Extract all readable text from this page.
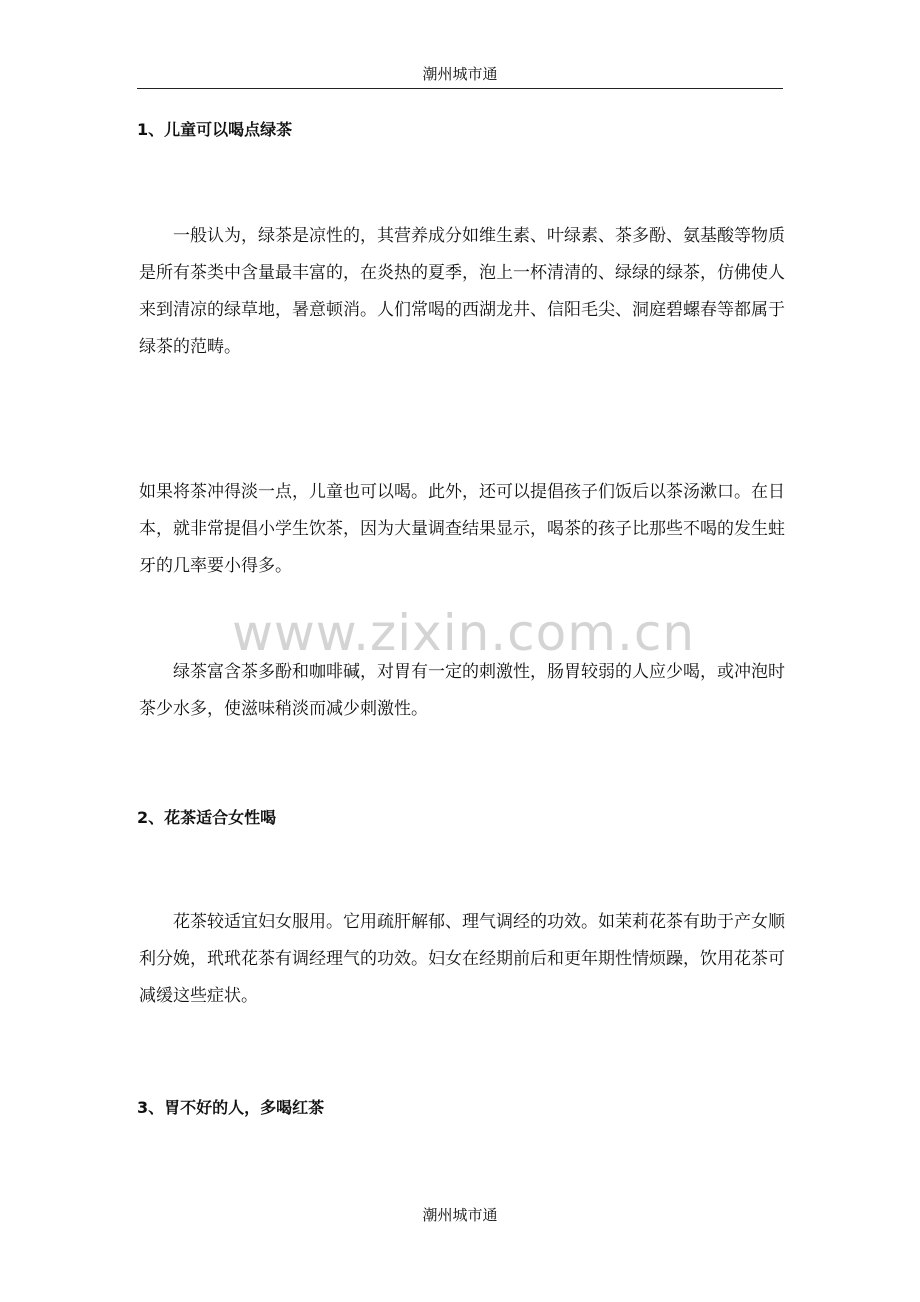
潮州城市通
1、儿童可以喝点绿茶
一般认为，绿茶是凉性的，其营养成分如维生素、叶绿素、茶多酚、氨基酸等物质是所有茶类中含量最丰富的，在炎热的夏季，泡上一杯清清的、绿绿的绿茶，仿佛使人来到清凉的绿草地，暑意顿消。人们常喝的西湖龙井、信阳毛尖、洞庭碧螺春等都属于绿茶的范畴。
如果将茶冲得淡一点，儿童也可以喝。此外，还可以提倡孩子们饭后以茶汤漱口。在日本，就非常提倡小学生饮茶，因为大量调查结果显示，喝茶的孩子比那些不喝的发生蛀牙的几率要小得多。
www.zixin.com.cn
绿茶富含茶多酚和咖啡碱，对胃有一定的刺激性，肠胃较弱的人应少喝，或冲泡时茶少水多，使滋味稍淡而减少刺激性。
2、花茶适合女性喝
花茶较适宜妇女服用。它用疏肝解郁、理气调经的功效。如茉莉花茶有助于产女顺利分娩，玳玳花茶有调经理气的功效。妇女在经期前后和更年期性情烦躁，饮用花茶可减缓这些症状。
3、胃不好的人，多喝红茶
潮州城市通
